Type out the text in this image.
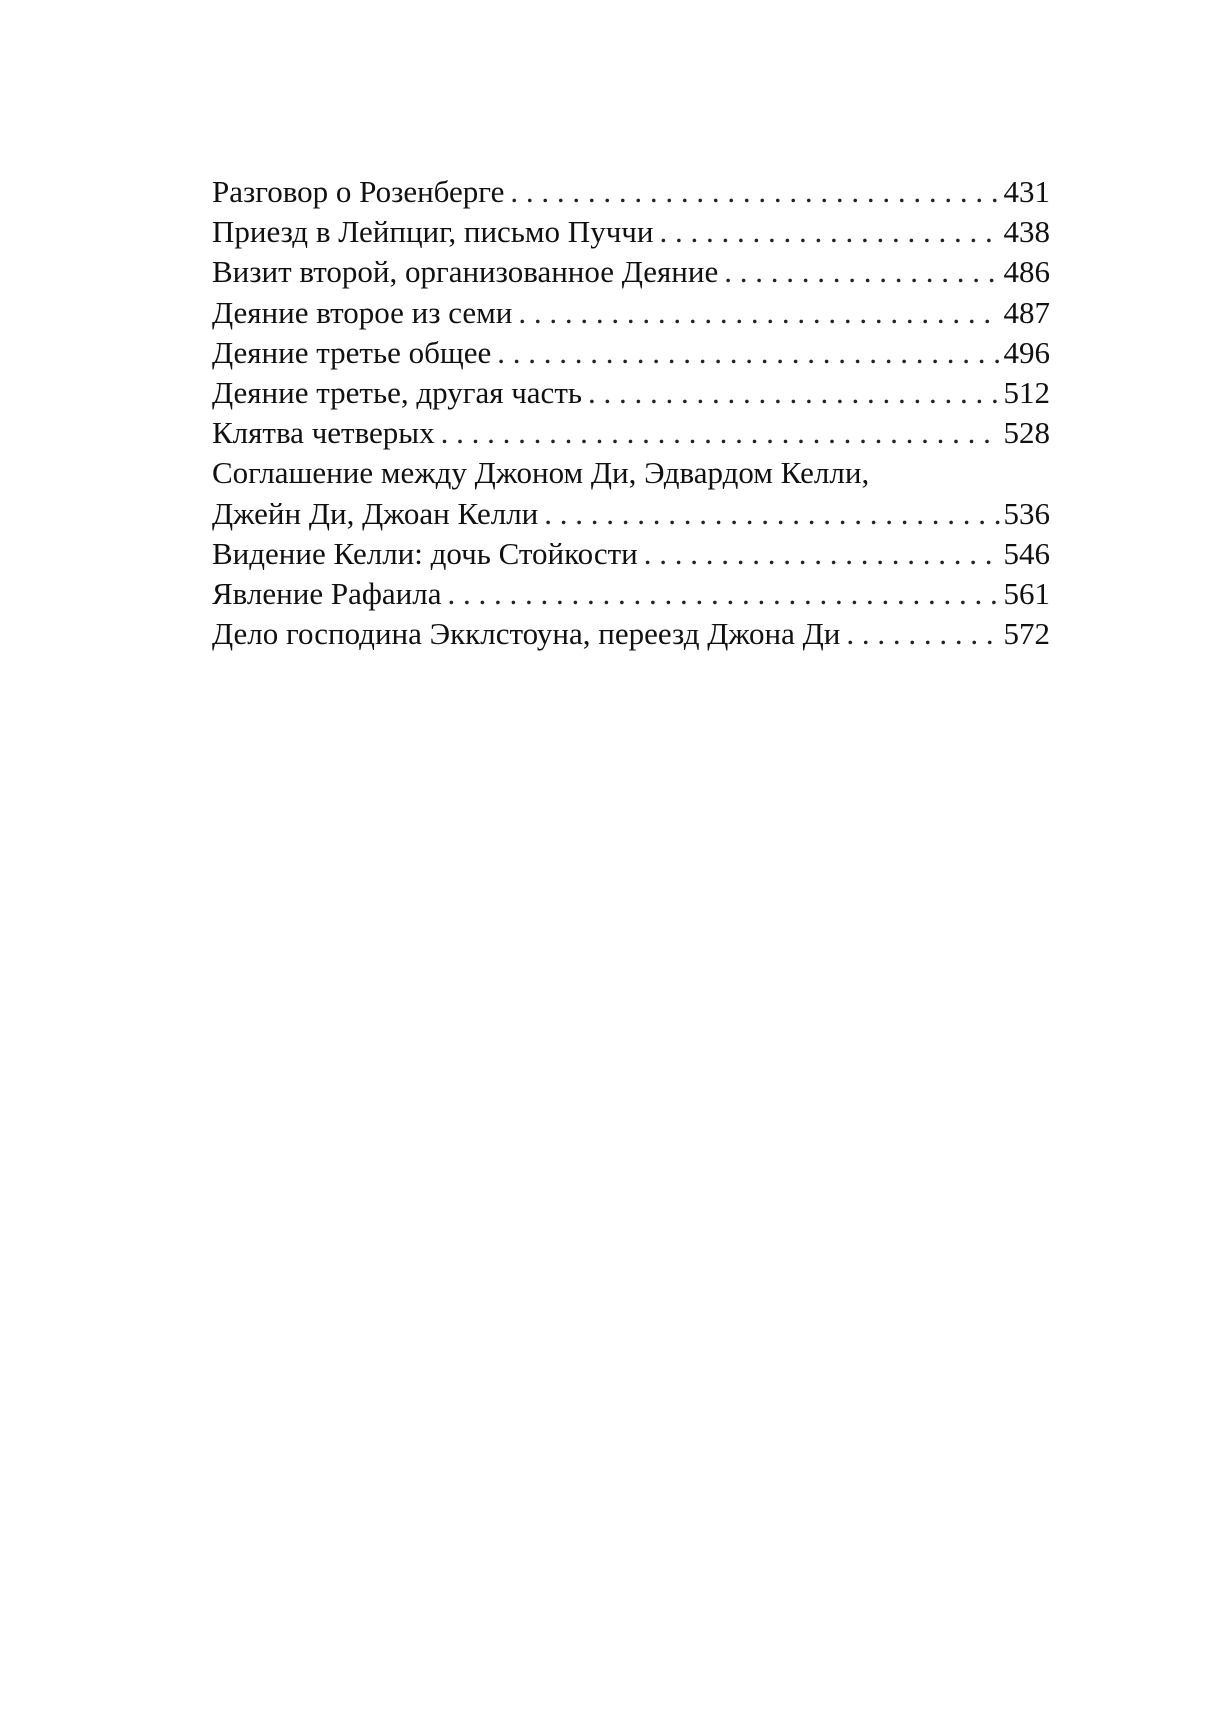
Разговор о Розенберге . . .	431
Приезд в Лейпциг, письмо Пуччи . . .	438
Визит второй, организованное Деяние . . .	486
Деяние второе из семи . . .	487
Деяние третье общее . . .	496
Деяние третье, другая часть . . .	512
Клятва четверых . . .	528
Соглашение между Джоном Ди, Эдвардом Келли,
Джейн Ди, Джоан Келли . . .	536
Видение Келли: дочь Стойкости . . .	546
Явление Рафаила . . .	561
Дело господина Экклстоуна, переезд Джона Ди . . .	572
